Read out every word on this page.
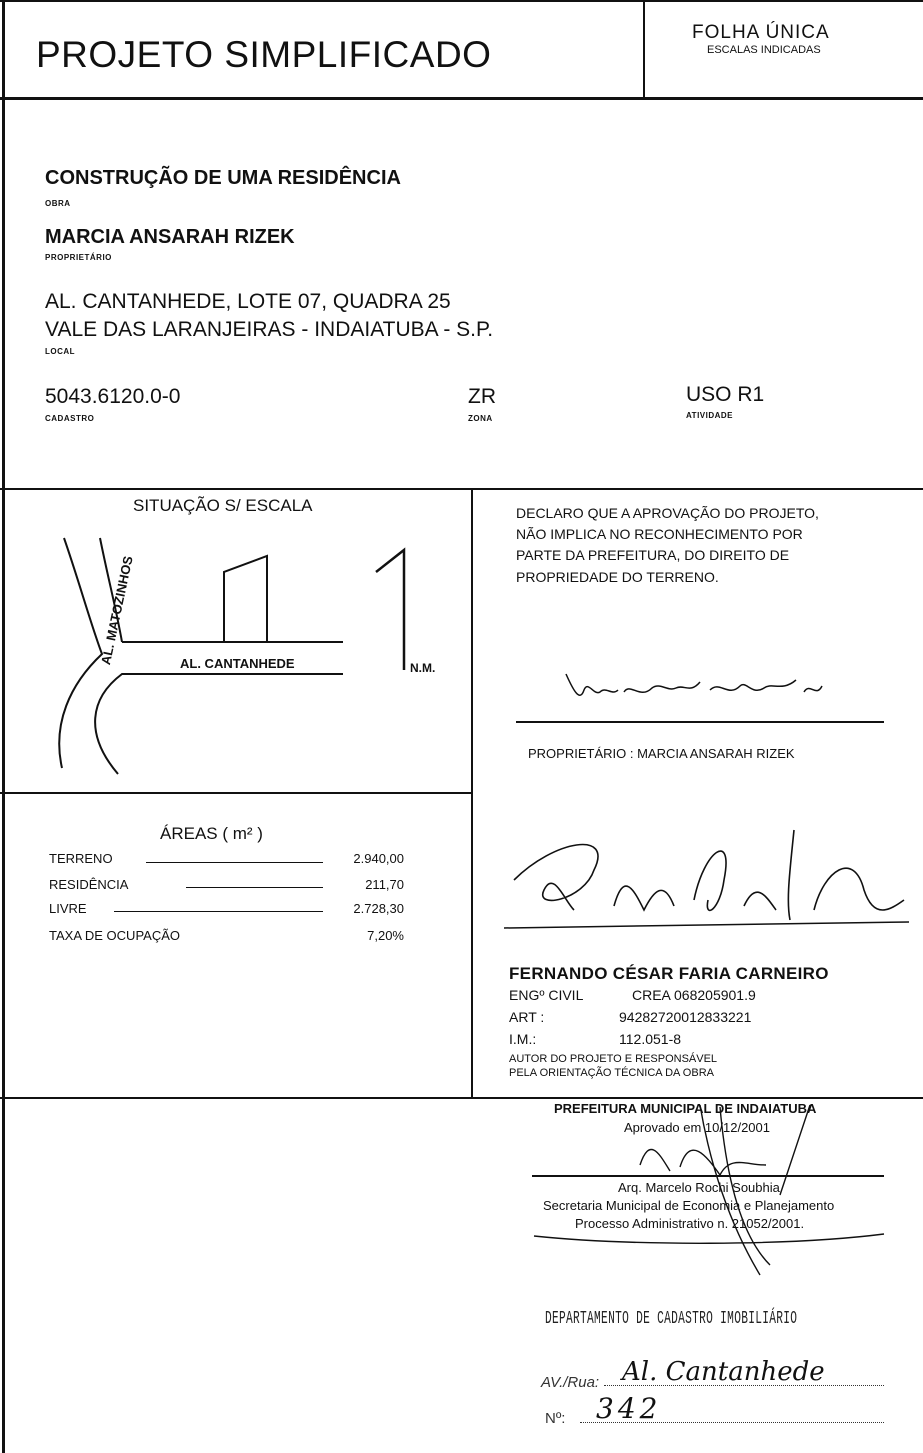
PROJETO SIMPLIFICADO
FOLHA ÚNICA
ESCALAS INDICADAS
CONSTRUÇÃO DE UMA RESIDÊNCIA
OBRA
MARCIA ANSARAH RIZEK
PROPRIETÁRIO
AL. CANTANHEDE, LOTE 07, QUADRA 25
VALE DAS LARANJEIRAS - INDAIATUBA - S.P.
LOCAL
5043.6120.0-0
CADASTRO
ZR
ZONA
USO R1
ATIVIDADE
SITUAÇÃO S/ ESCALA
AL. CANTANHEDE
AL. MATOZINHOS
N.M.
DECLARO QUE A APROVAÇÃO DO PROJETO,
NÃO IMPLICA NO RECONHECIMENTO POR
PARTE DA PREFEITURA, DO DIREITO DE
PROPRIEDADE DO TERRENO.
PROPRIETÁRIO : MARCIA ANSARAH RIZEK
ÁREAS ( m² )
TERRENO	2.940,00
RESIDÊNCIA	211,70
LIVRE	2.728,30
TAXA DE OCUPAÇÃO	7,20%
FERNANDO CÉSAR FARIA CARNEIRO
ENGº CIVIL	CREA 068205901.9
ART :	94282720012833221
I.M.:	112.051-8
AUTOR DO PROJETO E RESPONSÁVEL
PELA ORIENTAÇÃO TÉCNICA DA OBRA
PREFEITURA MUNICIPAL DE INDAIATUBA
Aprovado em 10/12/2001
Arq. Marcelo Rochi Soubhia
Secretaria Municipal de Economia e Planejamento
Processo Administrativo n. 21052/2001.
DEPARTAMENTO DE CADASTRO IMOBILIÁRIO
AV./Rua: Al. Cantanhede
Nº: 342
